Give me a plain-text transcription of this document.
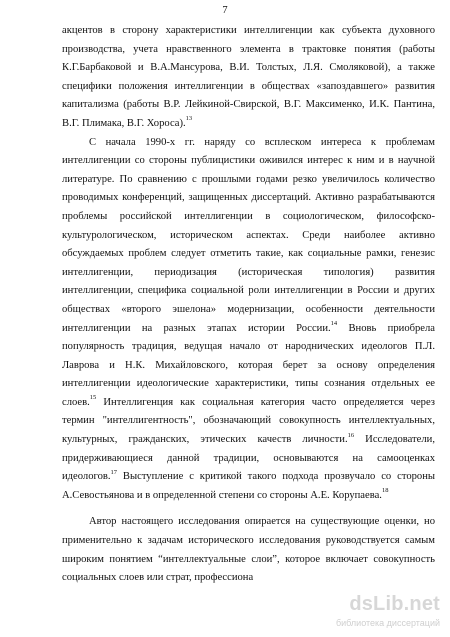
7
акцентов в сторону характеристики интеллигенции как субъекта духовного
производства, учета нравственного элемента в трактовке понятия (работы
К.Г.Барбаковой и В.А.Мансурова, В.И. Толстых, Л.Я. Смоляковой), а также
специфики положения интеллигенции в обществах «запоздавшего» развития
капитализма (работы В.Р. Лейкиной-Свирской, В.Г. Максименко, И.К. Пантина,
В.Г. Плимака, В.Г. Хороса).$^{13}$
С начала 1990-х гг. наряду со всплеском интереса к проблемам
интеллигенции со стороны публицистики оживился интерес к ним и в научной
литературе. По сравнению с прошлыми годами резко увеличилось количество
проводимых конференций, защищенных диссертаций. Активно разрабатываются
проблемы российской интеллигенции в социологическом, философско-
культурологическом, историческом аспектах. Среди наиболее активно
обсуждаемых проблем следует отметить такие, как социальные рамки, генезис
интеллигенции, периодизация (историческая типология) развития
интеллигенции, специфика социальной роли интеллигенции в России и других
обществах «второго эшелона» модернизации, особенности деятельности
интеллигенции на разных этапах истории России.$^{14}$ Вновь приобрела
популярность традиция, ведущая начало от народнических идеологов П.Л.
Лаврова и Н.К. Михайловского, которая берет за основу определения
интеллигенции идеологические характеристики, типы сознания отдельных ее
слоев.$^{15}$ Интеллигенция как социальная категория часто определяется через
термин "интеллигентность", обозначающий совокупность интеллектуальных,
культурных, гражданских, этических качеств личности.$^{16}$ Исследователи,
придерживающиеся данной традиции, основываются на самооценках
идеологов.$^{17}$ Выступление с критикой такого подхода прозвучало со стороны
А.Севостьянова и в определенной степени со стороны А.Е. Корупаева.$^{18}$
Автор настоящего исследования опирается на существующие оценки, но
применительно к задачам исторического исследования руководствуется самым
широким понятием “интеллектуальные слои”, которое включает совокупность
социальных слоев или страт, профессиона
dsLib.net
библиотека диссертаций
